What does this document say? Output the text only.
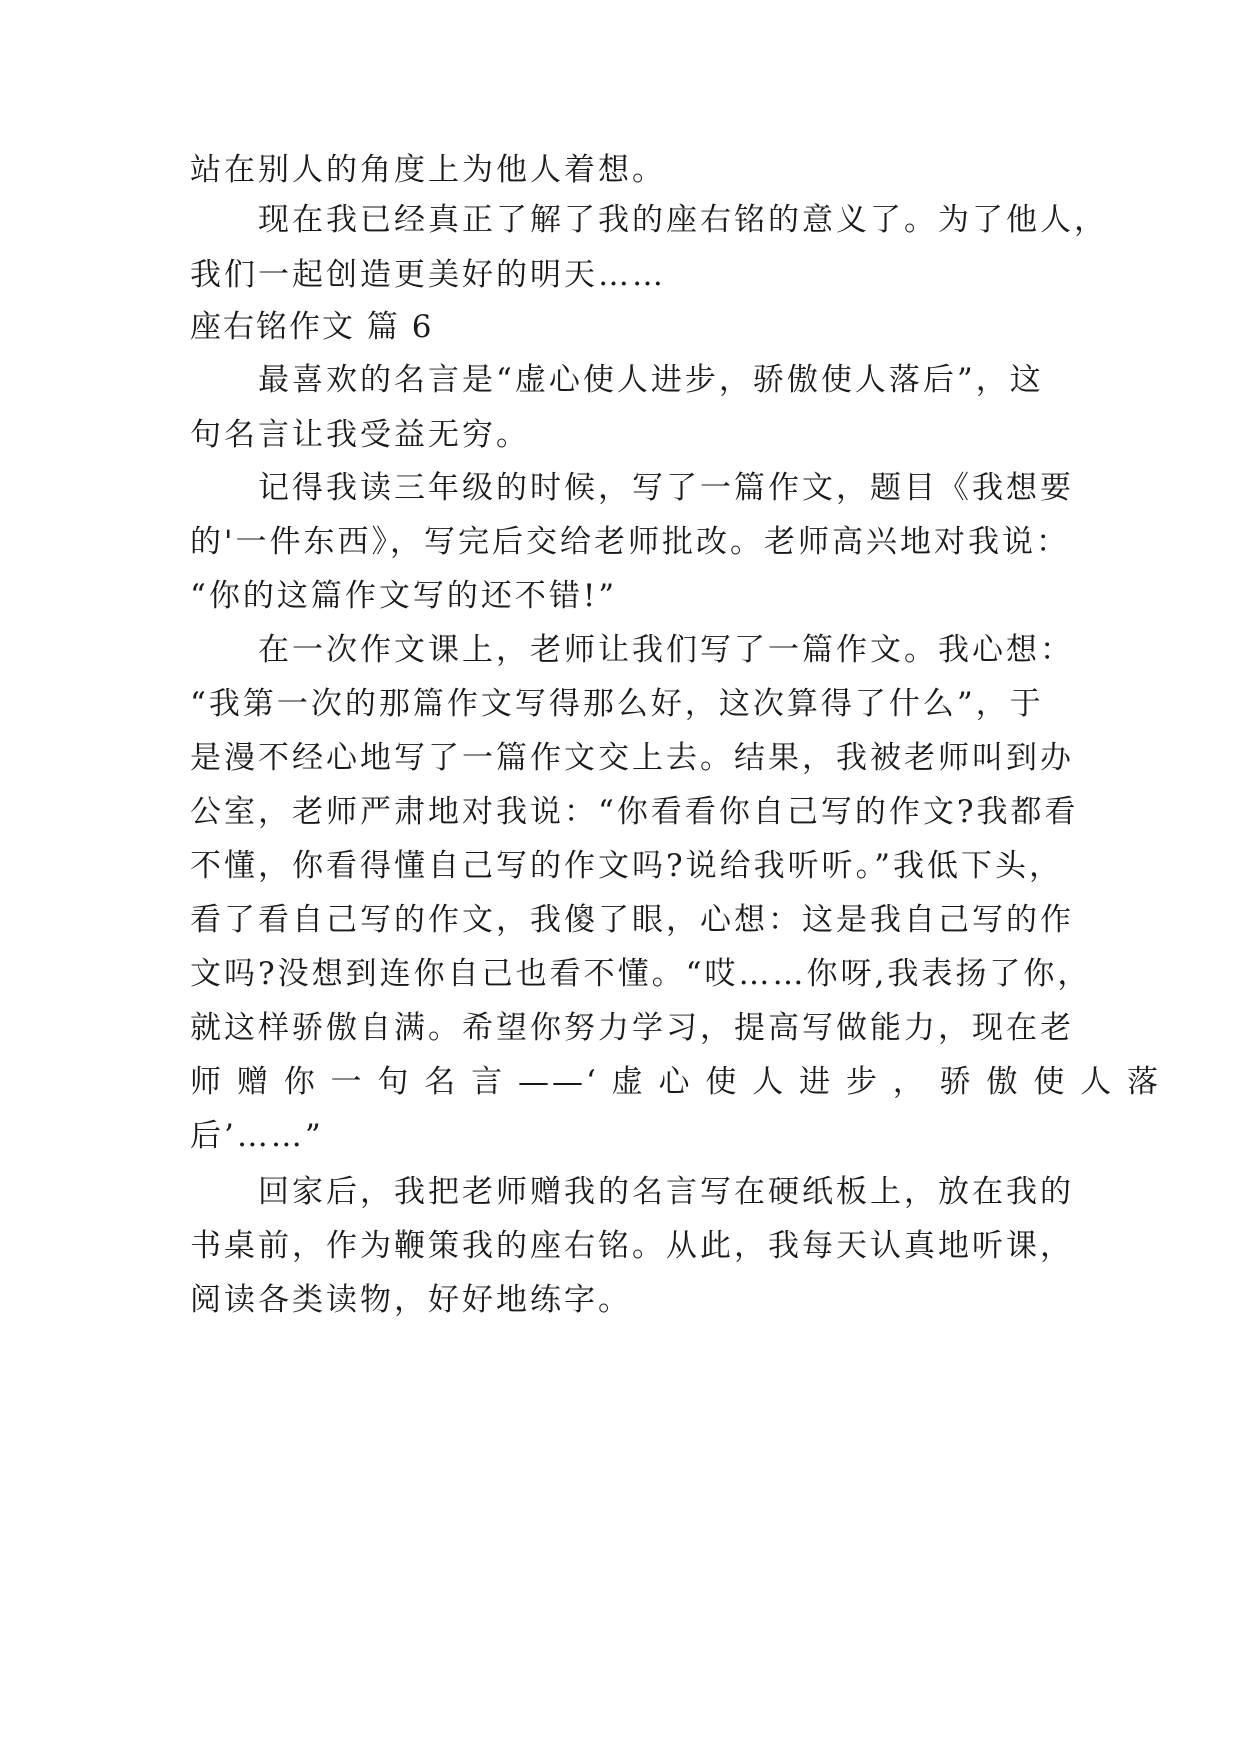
站在别人的角度上为他人着想。
现在我已经真正了解了我的座右铭的意义了。为了他人，
我们一起创造更美好的明天……
座右铭作文 篇 6
最喜欢的名言是“虚心使人进步，骄傲使人落后”，这
句名言让我受益无穷。
记得我读三年级的时候，写了一篇作文，题目《我想要
的'一件东西》，写完后交给老师批改。老师高兴地对我说：
“你的这篇作文写的还不错!”
在一次作文课上，老师让我们写了一篇作文。我心想：
“我第一次的那篇作文写得那么好，这次算得了什么”，于
是漫不经心地写了一篇作文交上去。结果，我被老师叫到办
公室，老师严肃地对我说：“你看看你自己写的作文?我都看
不懂，你看得懂自己写的作文吗?说给我听听。”我低下头，
看了看自己写的作文，我傻了眼，心想：这是我自己写的作
文吗?没想到连你自己也看不懂。“哎……你呀,我表扬了你，
就这样骄傲自满。希望你努力学习，提高写做能力，现在老
师 赠 你 一 句 名 言 ——‘ 虚 心 使 人 进 步 ， 骄 傲 使 人 落
后’……”
回家后，我把老师赠我的名言写在硬纸板上，放在我的
书桌前，作为鞭策我的座右铭。从此，我每天认真地听课，
阅读各类读物，好好地练字。
